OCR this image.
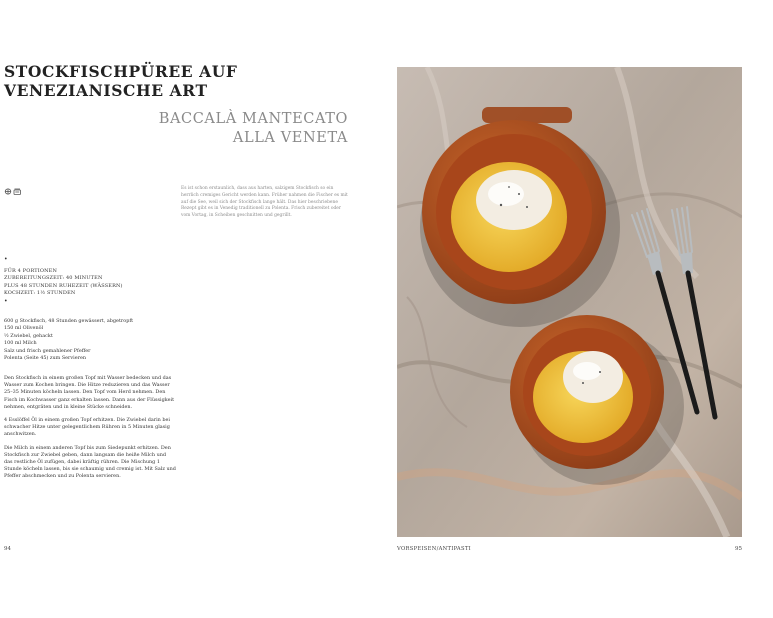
STOCKFISCHPÜREE AUF
VENEZIANISCHE ART
BACCALÀ MANTECATO
ALLA VENETA
Es ist schon erstaunlich, dass aus harten, salzigem Stockfisch so ein herrlich cremiges Gericht werden kann. Früher nahmen die Fischer es mit auf die See, weil sich der Stockfisch lange hält. Das hier beschriebene Rezept gibt es in Venedig traditionell zu Polenta. Frisch zubereitet oder vom Vortag, in Scheiben geschnitten und gegrillt.
•
FÜR 4 PORTIONEN
ZUBEREITUNGSZEIT: 40 MINUTEN
PLUS 48 STUNDEN RUHEZEIT (WÄSSERN)
KOCHZEIT: 1½ STUNDEN
•
600 g Stockfisch, 48 Stunden gewässert, abgetropft
150 ml Olivenöl
½ Zwiebel, gehackt
100 ml Milch
Salz und frisch gemahlener Pfeffer
Polenta (Seite 45) zum Servieren

Den Stockfisch in einem großen Topf mit Wasser bedecken und das Wasser zum Kochen bringen. Die Hitze reduzieren und das Wasser 25–35 Minuten köcheln lassen. Den Topf vom Herd nehmen. Den Fisch im Kochwasser ganz erkalten lassen. Dann aus der Flüssigkeit nehmen, entgräten und in kleine Stücke schneiden.

4 Esslöffel Öl in einem großen Topf erhitzen. Die Zwiebel darin bei schwacher Hitze unter gelegentlichem Rühren in 5 Minuten glasig anschwitzen.

Die Milch in einem anderen Topf bis zum Siedepunkt erhitzen. Den Stockfisch zur Zwiebel geben, dann langsam die heiße Milch und das restliche Öl zufügen, dabei kräftig rühren. Die Mischung 1 Stunde köcheln lassen, bis sie schaumig und cremig ist. Mit Salz und Pfeffer abschmecken und zu Polenta servieren.

94	VORSPEISEN/ANTIPASTI	95
